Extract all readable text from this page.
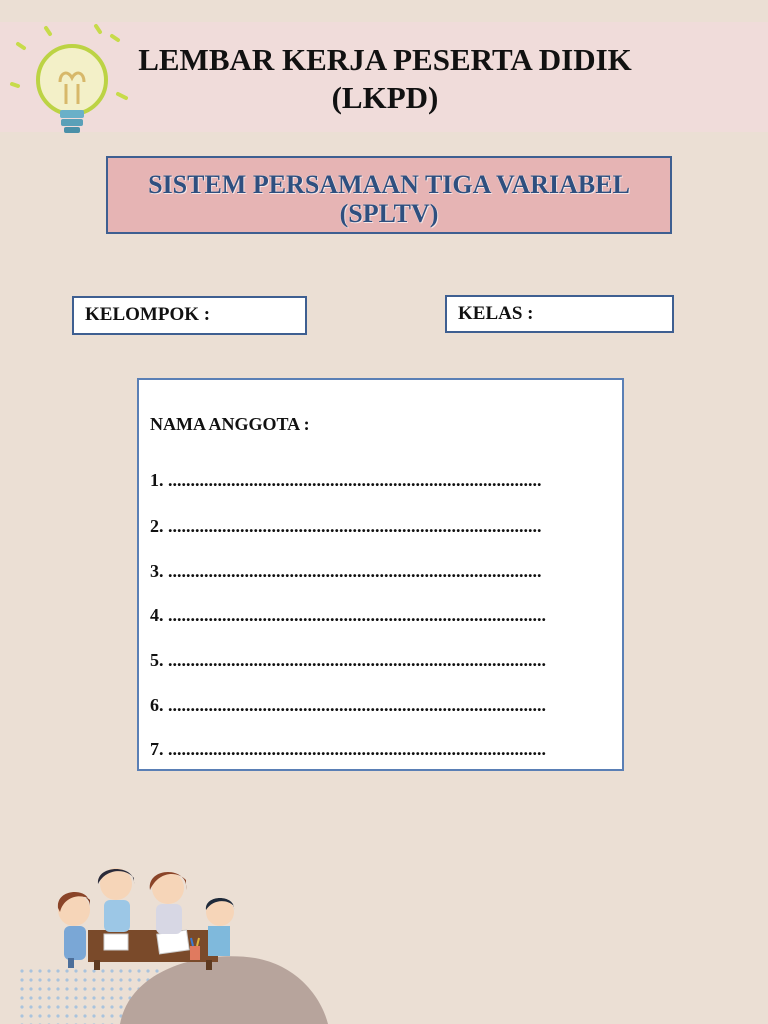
LEMBAR KERJA PESERTA DIDIK
(LKPD)
SISTEM PERSAMAAN TIGA VARIABEL
(SPLTV)
KELOMPOK :	KELAS :
NAMA ANGGOTA :
1. ...................................................................................
2. ...................................................................................
3. ...................................................................................
4. ....................................................................................
5. ....................................................................................
6. ....................................................................................
7. ....................................................................................
